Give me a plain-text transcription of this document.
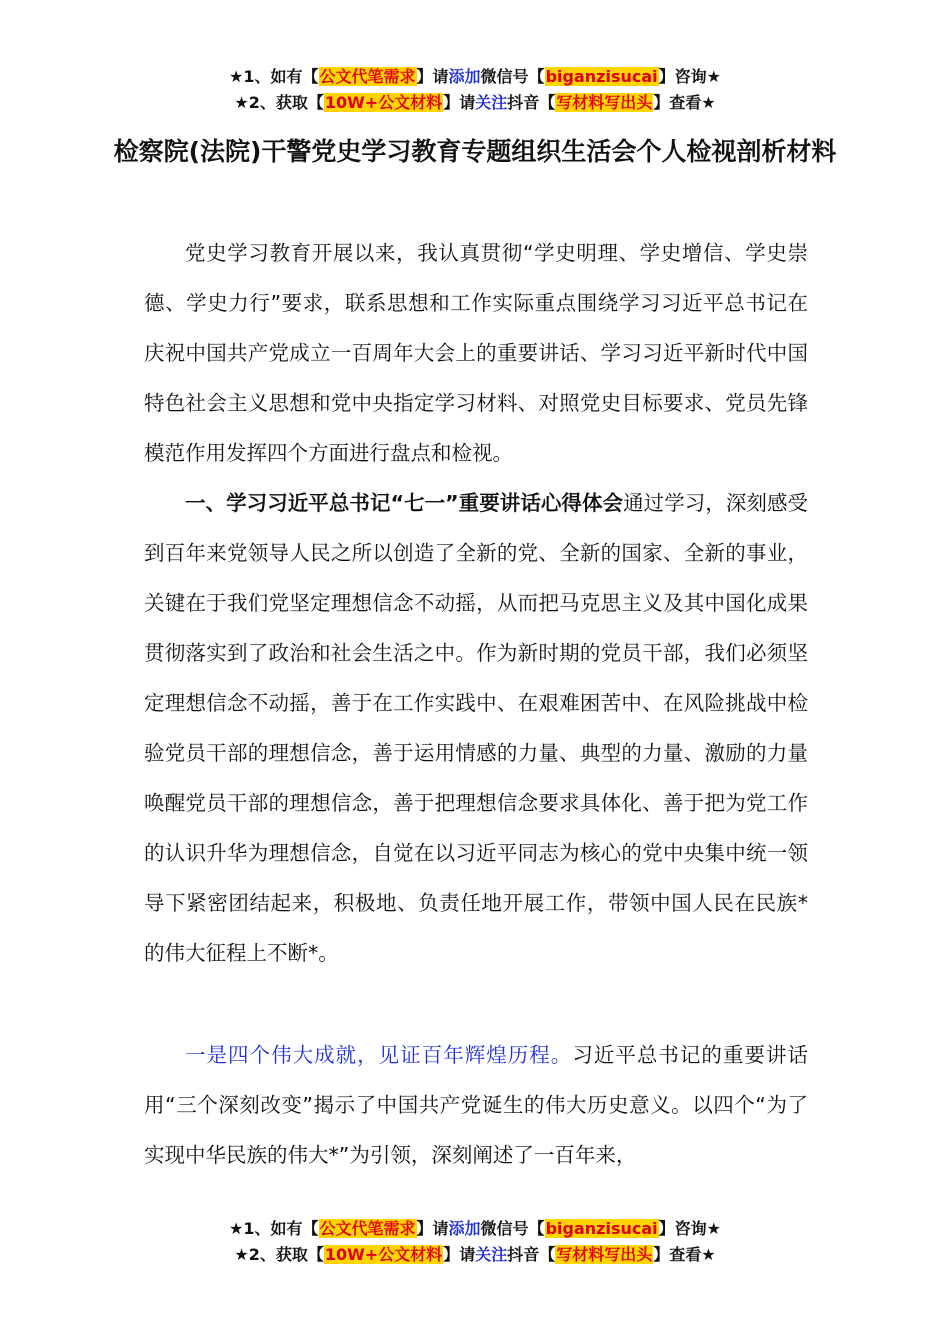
★1、如有【公文代笔需求】请添加微信号【biganzisucai】咨询★
★2、获取【10W+公文材料】请关注抖音【写材料写出头】查看★
检察院(法院)干警党史学习教育专题组织生活会个人检视剖析材料

党史学习教育开展以来，我认真贯彻“学史明理、学史增信、学史崇德、学史力行”要求，联系思想和工作实际重点围绕学习习近平总书记在庆祝中国共产党成立一百周年大会上的重要讲话、学习习近平新时代中国特色社会主义思想和党中央指定学习材料、对照党史目标要求、党员先锋模范作用发挥四个方面进行盘点和检视。

一、学习习近平总书记“七一”重要讲话心得体会通过学习，深刻感受到百年来党领导人民之所以创造了全新的党、全新的国家、全新的事业，关键在于我们党坚定理想信念不动摇，从而把马克思主义及其中国化成果贯彻落实到了政治和社会生活之中。作为新时期的党员干部，我们必须坚定理想信念不动摇，善于在工作实践中、在艰难困苦中、在风险挑战中检验党员干部的理想信念，善于运用情感的力量、典型的力量、激励的力量唤醒党员干部的理想信念，善于把理想信念要求具体化、善于把为党工作的认识升华为理想信念，自觉在以习近平同志为核心的党中央集中统一领导下紧密团结起来，积极地、负责任地开展工作，带领中国人民在民族*的伟大征程上不断*。

一是四个伟大成就，见证百年辉煌历程。习近平总书记的重要讲话用“三个深刻改变”揭示了中国共产党诞生的伟大历史意义。以四个“为了实现中华民族的伟大*”为引领，深刻阐述了一百年来，

★1、如有【公文代笔需求】请添加微信号【biganzisucai】咨询★
★2、获取【10W+公文材料】请关注抖音【写材料写出头】查看★
